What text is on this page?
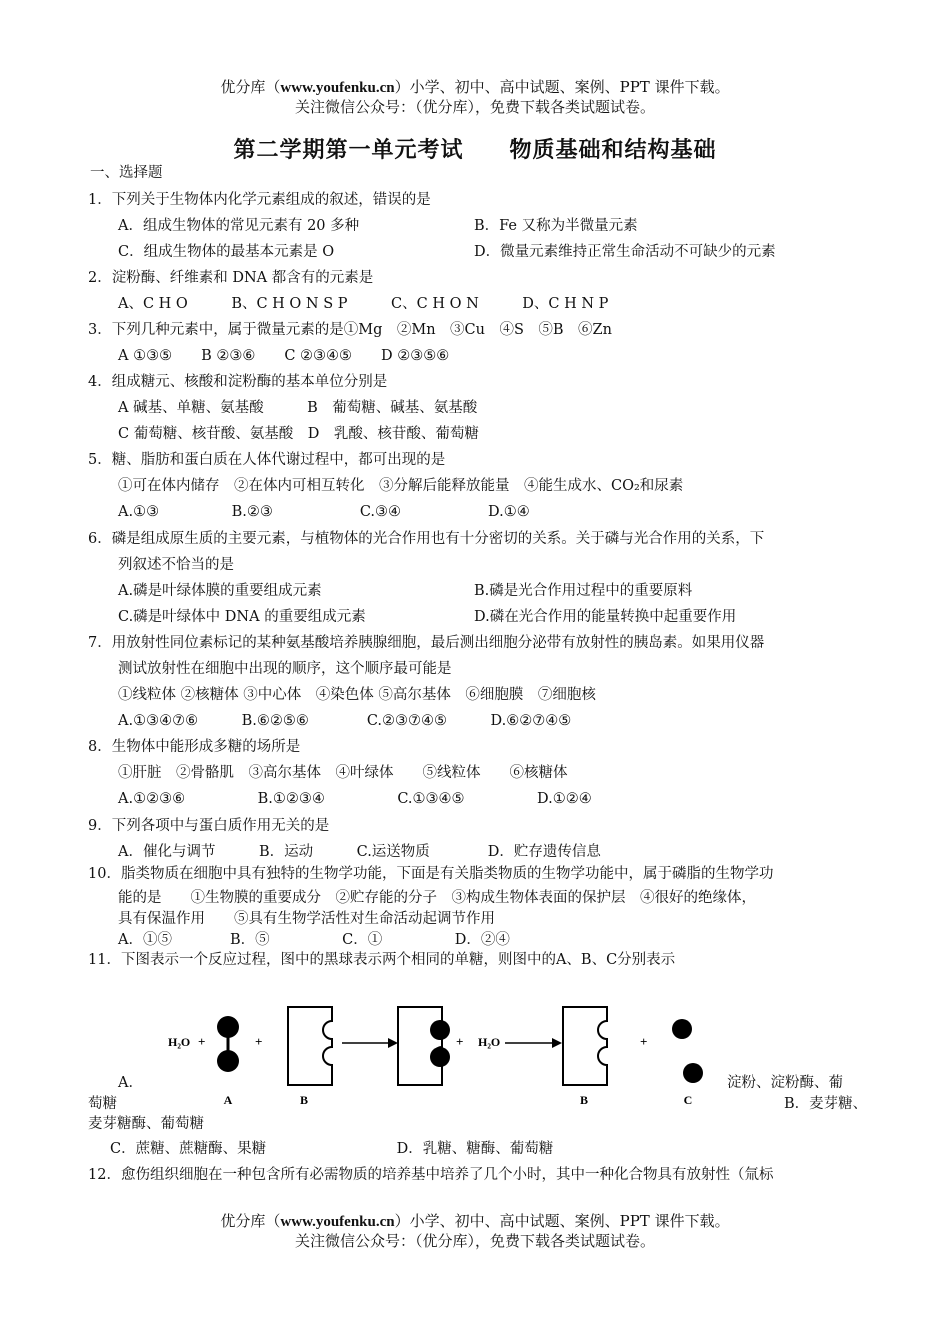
优分库（www.youfenku.cn）小学、初中、高中试题、案例、PPT 课件下载。
关注微信公众号：（优分库），免费下载各类试题试卷。
第二学期第一单元考试　　物质基础和结构基础
一、选择题
1．下列关于生物体内化学元素组成的叙述，错误的是
A．组成生物体的常见元素有 20 多种	B．Fe 又称为半微量元素
C．组成生物体的最基本元素是 O	D．微量元素维持正常生命活动不可缺少的元素
2．淀粉酶、纤维素和 DNA 都含有的元素是
A、C H O　　　B、C H O N S P　　　C、C H O N　　　D、C H N P
3．下列几种元素中，属于微量元素的是①Mg　②Mn　③Cu　④S　⑤B　⑥Zn
A ①③⑤　　B ②③⑥　　C ②③④⑤　　D ②③⑤⑥
4．组成糖元、核酸和淀粉酶的基本单位分别是
A 碱基、单糖、氨基酸　　　B　葡萄糖、碱基、氨基酸
C 葡萄糖、核苷酸、氨基酸　D　乳酸、核苷酸、葡萄糖
5．糖、脂肪和蛋白质在人体代谢过程中，都可出现的是
①可在体内储存　②在体内可相互转化　③分解后能释放能量　④能生成水、CO₂和尿素
A.①③　　　　　B.②③　　　　　　C.③④　　　　　　D.①④
6．磷是组成原生质的主要元素，与植物体的光合作用也有十分密切的关系。关于磷与光合作用的关系，下
列叙述不恰当的是
A.磷是叶绿体膜的重要组成元素	B.磷是光合作用过程中的重要原料
C.磷是叶绿体中 DNA 的重要组成元素	D.磷在光合作用的能量转换中起重要作用
7．用放射性同位素标记的某种氨基酸培养胰腺细胞，最后测出细胞分泌带有放射性的胰岛素。如果用仪器
测试放射性在细胞中出现的顺序，这个顺序最可能是
①线粒体 ②核糖体 ③中心体　④染色体 ⑤高尔基体　⑥细胞膜　⑦细胞核
A.①③④⑦⑥　　　B.⑥②⑤⑥　　　　C.②③⑦④⑤　　　D.⑥②⑦④⑤
8．生物体中能形成多糖的场所是
①肝脏　②骨骼肌　③高尔基体　④叶绿体　　⑤线粒体　　⑥核糖体
A.①②③⑥　　　　　B.①②③④　　　　　C.①③④⑤　　　　　D.①②④
9．下列各项中与蛋白质作用无关的是
A．催化与调节　　　B．运动　　　C.运送物质　　　　D．贮存遗传信息
10．脂类物质在细胞中具有独特的生物学功能，下面是有关脂类物质的生物学功能中，属于磷脂的生物学功
能的是　　①生物膜的重要成分　②贮存能的分子　③构成生物体表面的保护层　④很好的绝缘体，
具有保温作用　　⑤具有生物学活性对生命活动起调节作用
A．①⑤　　　　B．⑤　　　　　C．①　　　　　D．②④
11．下图表示一个反应过程，图中的黑球表示两个相同的单糖，则图中的A、B、C分别表示
H₂O +
A
+
B
+ H₂O
B
+
C
A．	淀粉、淀粉酶、葡
萄糖	B．麦芽糖、
麦芽糖酶、葡萄糖
C．蔗糖、蔗糖酶、果糖　　　　　　　　　D．乳糖、糖酶、葡萄糖
12．愈伤组织细胞在一种包含所有必需物质的培养基中培养了几个小时，其中一种化合物具有放射性（氚标
优分库（www.youfenku.cn）小学、初中、高中试题、案例、PPT 课件下载。
关注微信公众号：（优分库），免费下载各类试题试卷。
